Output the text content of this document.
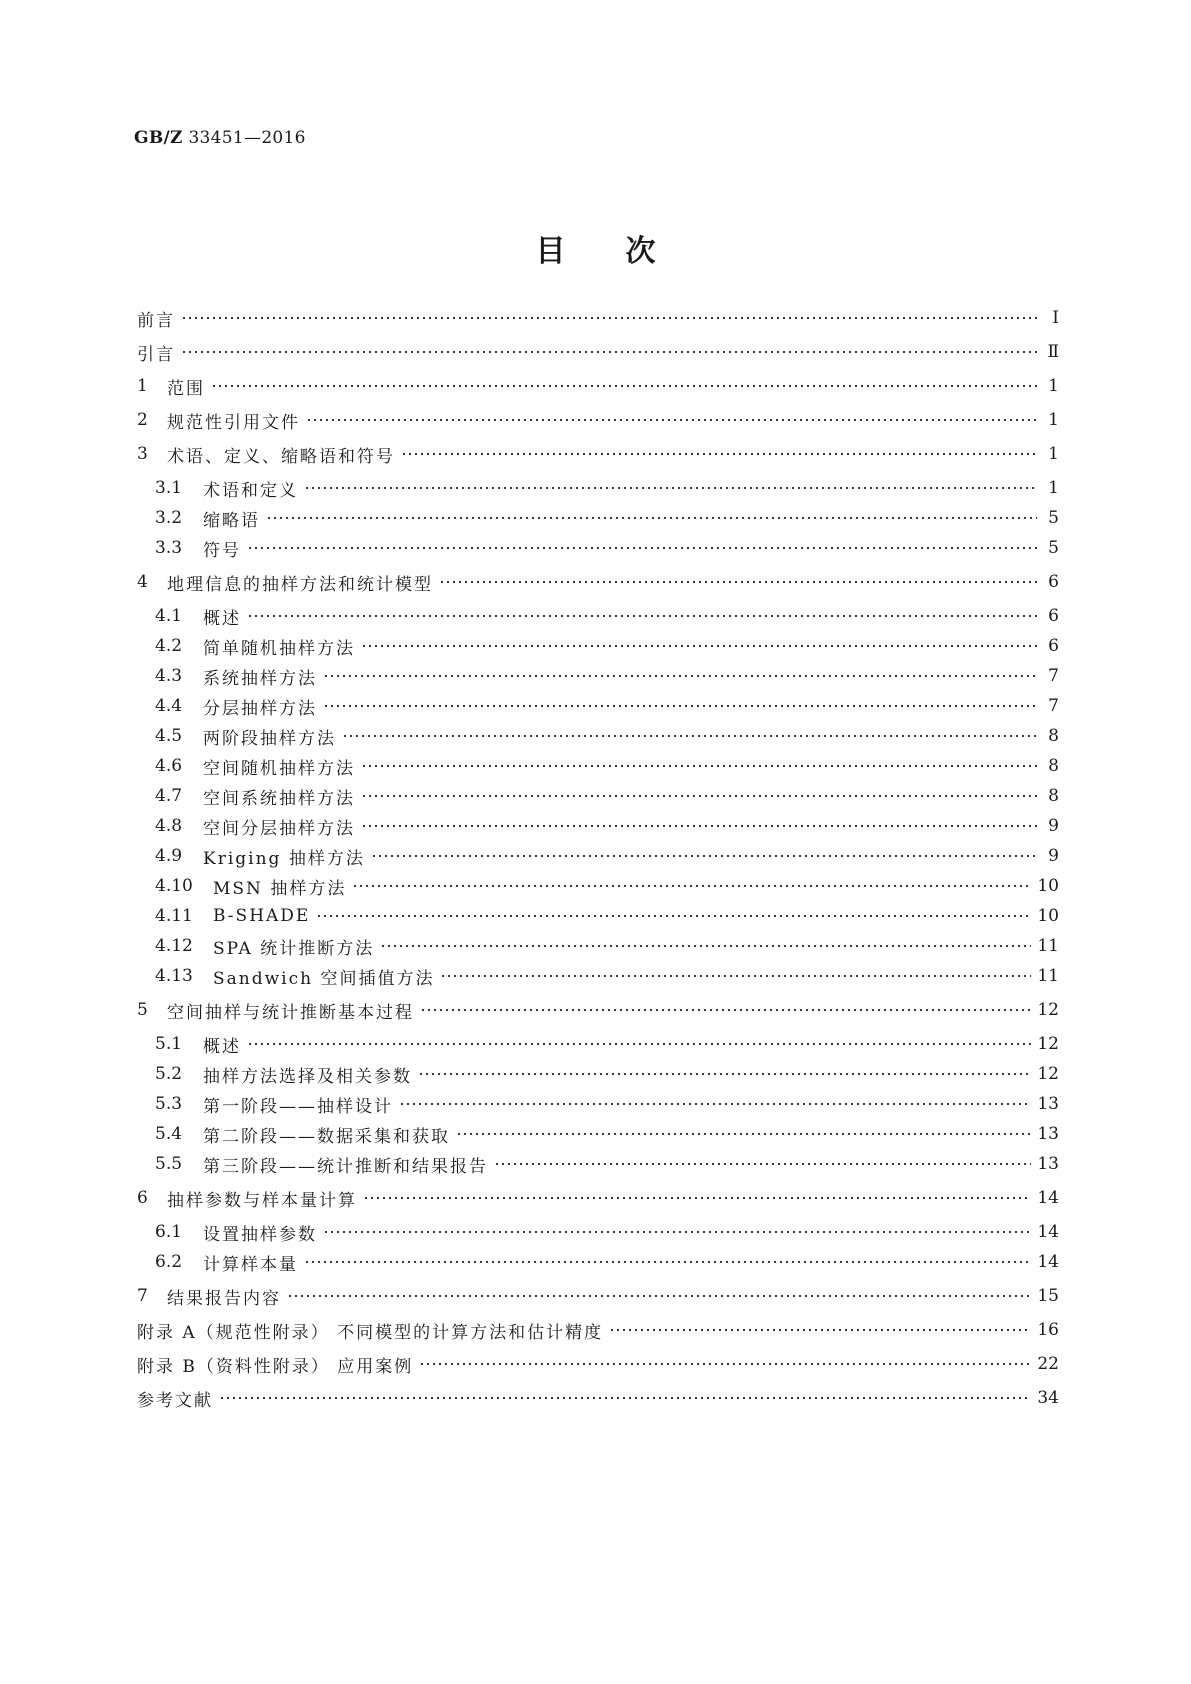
GB/Z 33451—2016
目 次
前言	Ⅰ
引言	Ⅱ
1	范围	1
2	规范性引用文件	1
3	术语、定义、缩略语和符号	1
3.1	术语和定义	1
3.2	缩略语	5
3.3	符号	5
4	地理信息的抽样方法和统计模型	6
4.1	概述	6
4.2	简单随机抽样方法	6
4.3	系统抽样方法	7
4.4	分层抽样方法	7
4.5	两阶段抽样方法	8
4.6	空间随机抽样方法	8
4.7	空间系统抽样方法	8
4.8	空间分层抽样方法	9
4.9	Kriging 抽样方法	9
4.10	MSN 抽样方法	10
4.11	B-SHADE	10
4.12	SPA 统计推断方法	11
4.13	Sandwich 空间插值方法	11
5	空间抽样与统计推断基本过程	12
5.1	概述	12
5.2	抽样方法选择及相关参数	12
5.3	第一阶段——抽样设计	13
5.4	第二阶段——数据采集和获取	13
5.5	第三阶段——统计推断和结果报告	13
6	抽样参数与样本量计算	14
6.1	设置抽样参数	14
6.2	计算样本量	14
7	结果报告内容	15
附录 A（规范性附录） 不同模型的计算方法和估计精度	16
附录 B（资料性附录） 应用案例	22
参考文献	34
